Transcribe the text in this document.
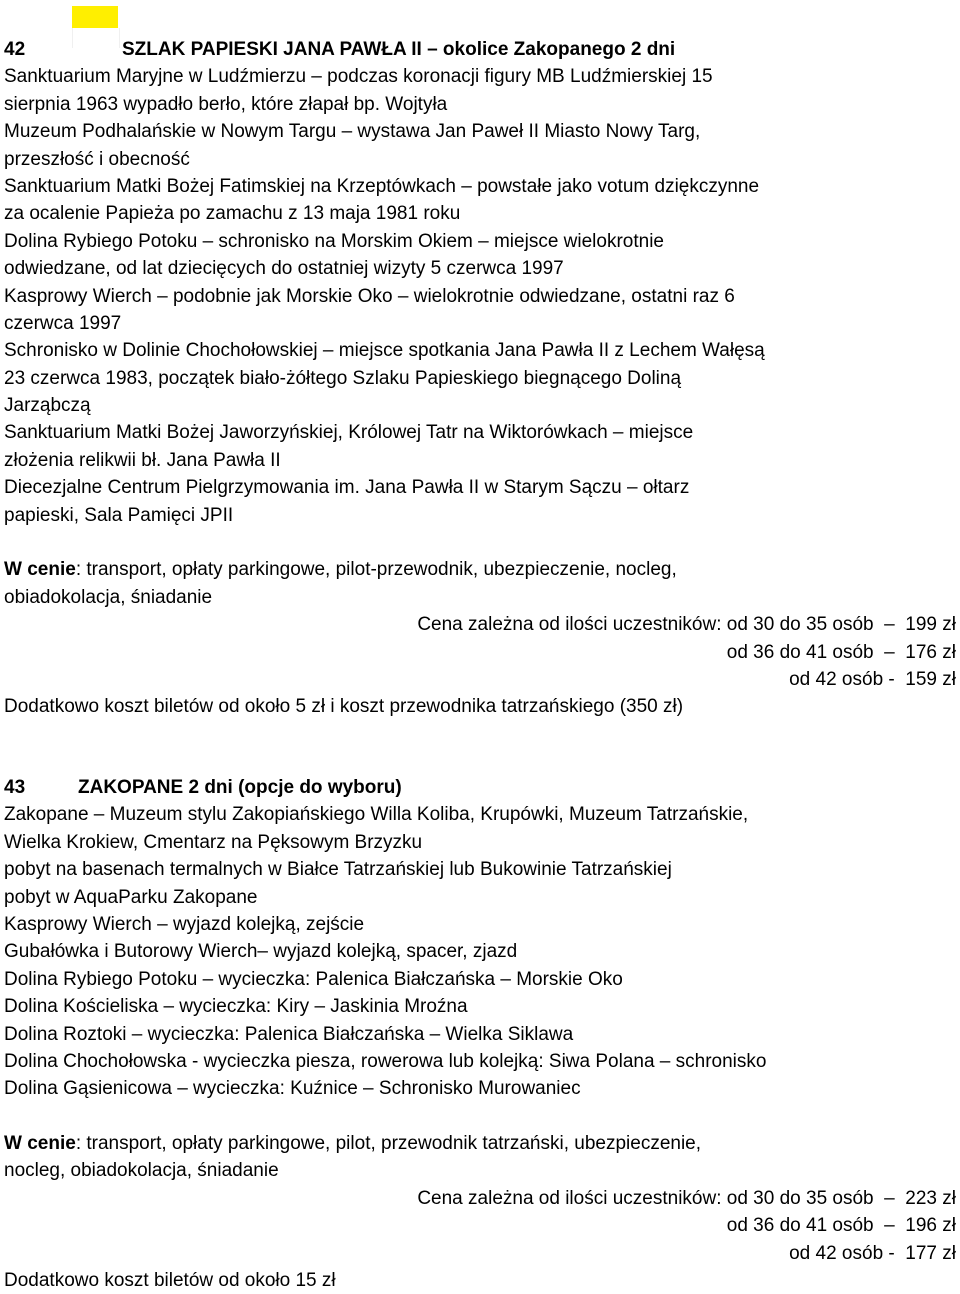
42	SZLAK PAPIESKI JANA PAWŁA II – okolice Zakopanego 2 dni
Sanktuarium Maryjne w Ludźmierzu – podczas koronacji figury MB Ludźmierskiej 15
sierpnia 1963 wypadło berło, które złapał bp. Wojtyła
Muzeum Podhalańskie w Nowym Targu – wystawa Jan Paweł II Miasto Nowy Targ,
przeszłość i obecność
Sanktuarium Matki Bożej Fatimskiej na Krzeptówkach – powstałe jako votum dziękczynne
za ocalenie Papieża po zamachu z 13 maja 1981 roku
Dolina Rybiego Potoku – schronisko na Morskim Okiem – miejsce wielokrotnie
odwiedzane, od lat dziecięcych do ostatniej wizyty 5 czerwca 1997
Kasprowy Wierch – podobnie jak Morskie Oko – wielokrotnie odwiedzane, ostatni raz 6
czerwca 1997
Schronisko w Dolinie Chochołowskiej – miejsce spotkania Jana Pawła II z Lechem Wałęsą
23 czerwca 1983, początek biało-żółtego Szlaku Papieskiego biegnącego Doliną
Jarząbczą
Sanktuarium Matki Bożej Jaworzyńskiej, Królowej Tatr na Wiktorówkach – miejsce
złożenia relikwii bł. Jana Pawła II
Diecezjalne Centrum Pielgrzymowania im. Jana Pawła II w Starym Sączu – ołtarz
papieski, Sala Pamięci JPII
W cenie: transport, opłaty parkingowe, pilot-przewodnik, ubezpieczenie, nocleg,
obiadokolacja, śniadanie
Cena zależna od ilości uczestników: od 30 do 35 osób  –  199 zł
od 36 do 41 osób  –  176 zł
od 42 osób -  159 zł
Dodatkowo koszt biletów od około 5 zł i koszt przewodnika tatrzańskiego (350 zł)
43	ZAKOPANE 2 dni (opcje do wyboru)
Zakopane – Muzeum stylu Zakopiańskiego Willa Koliba, Krupówki, Muzeum Tatrzańskie,
Wielka Krokiew, Cmentarz na Pęksowym Brzyzku
pobyt na basenach termalnych w Białce Tatrzańskiej lub Bukowinie Tatrzańskiej
pobyt w AquaParku Zakopane
Kasprowy Wierch – wyjazd kolejką, zejście
Gubałówka i Butorowy Wierch– wyjazd kolejką, spacer, zjazd
Dolina Rybiego Potoku – wycieczka: Palenica Białczańska – Morskie Oko
Dolina Kościeliska – wycieczka: Kiry – Jaskinia Mroźna
Dolina Roztoki – wycieczka: Palenica Białczańska – Wielka Siklawa
Dolina Chochołowska - wycieczka piesza, rowerowa lub kolejką: Siwa Polana – schronisko
Dolina Gąsienicowa – wycieczka: Kuźnice – Schronisko Murowaniec
W cenie: transport, opłaty parkingowe, pilot, przewodnik tatrzański, ubezpieczenie,
nocleg, obiadokolacja, śniadanie
Cena zależna od ilości uczestników: od 30 do 35 osób  –  223 zł
od 36 do 41 osób  –  196 zł
od 42 osób -  177 zł
Dodatkowo koszt biletów od około 15 zł
